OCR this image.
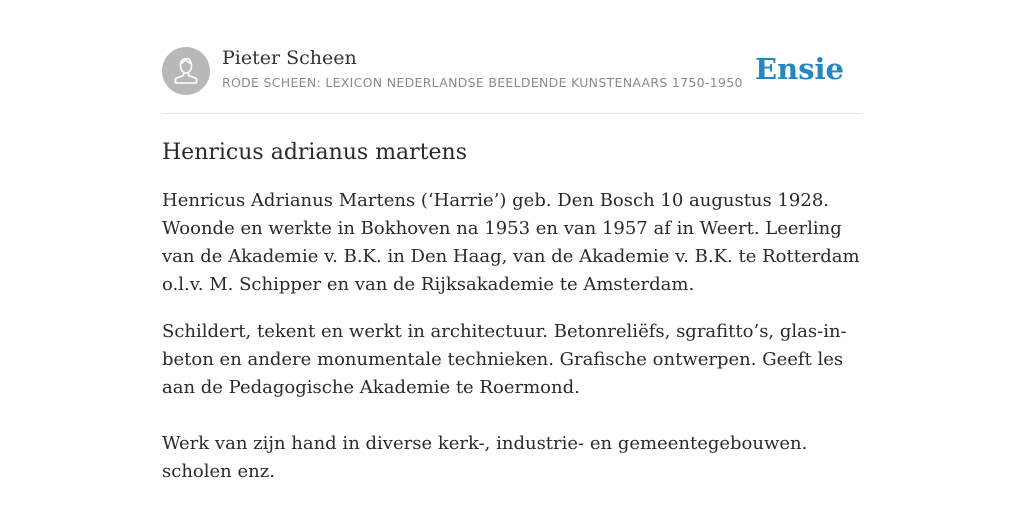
Pieter Scheen
RODE SCHEEN: LEXICON NEDERLANDSE BEELDENDE KUNSTENAARS 1750-1950 Ensie
Henricus adrianus martens

Henricus Adrianus Martens (‘Harrie’) geb. Den Bosch 10 augustus 1928. Woonde en werkte in Bokhoven na 1953 en van 1957 af in Weert. Leerling van de Akademie v. B.K. in Den Haag, van de Akademie v. B.K. te Rotterdam o.l.v. M. Schipper en van de Rijksakademie te Amsterdam.

Schildert, tekent en werkt in architectuur. Betonreliëfs, sgrafitto’s, glas-in-beton en andere monumentale technieken. Grafische ontwerpen. Geeft les aan de Pedagogische Akademie te Roermond.

Werk van zijn hand in diverse kerk-, industrie- en gemeentegebouwen. scholen enz.
